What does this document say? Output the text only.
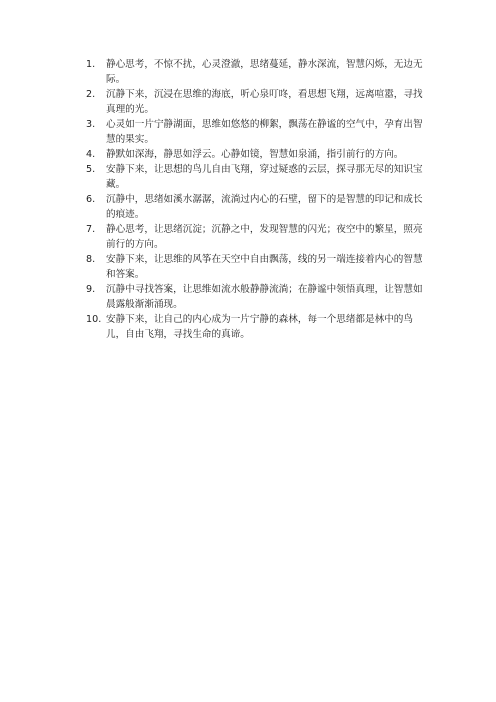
1.	静心思考，不惊不扰，心灵澄澈，思绪蔓延，静水深流，智慧闪烁，无边无际。
2.	沉静下来，沉浸在思维的海底，听心泉叮咚，看思想飞翔，远离喧嚣，寻找真理的光。
3.	心灵如一片宁静湖面，思维如悠悠的柳絮，飘荡在静谧的空气中，孕育出智慧的果实。
4.	静默如深海，静思如浮云。心静如镜，智慧如泉涌，指引前行的方向。
5.	安静下来，让思想的鸟儿自由飞翔，穿过疑惑的云层，探寻那无尽的知识宝藏。
6.	沉静中，思绪如溪水潺潺，流淌过内心的石壁，留下的是智慧的印记和成长的痕迹。
7.	静心思考，让思绪沉淀；沉静之中，发现智慧的闪光；夜空中的繁星，照亮前行的方向。
8.	安静下来，让思维的风筝在天空中自由飘荡，线的另一端连接着内心的智慧和答案。
9.	沉静中寻找答案，让思维如流水般静静流淌；在静谧中领悟真理，让智慧如晨露般渐渐涌现。
10. 安静下来，让自己的内心成为一片宁静的森林，每一个思绪都是林中的鸟儿，自由飞翔，寻找生命的真谛。
